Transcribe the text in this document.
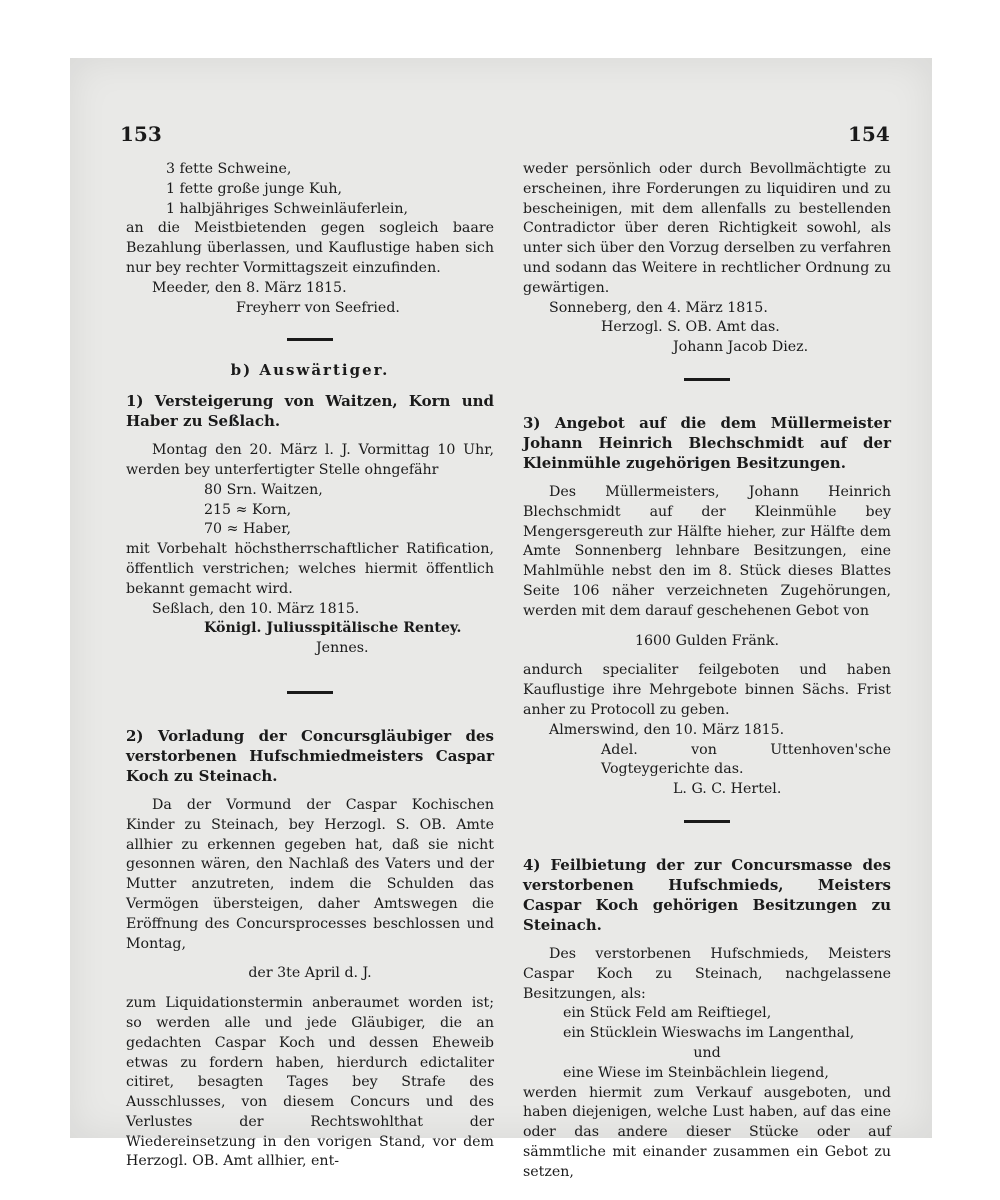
153	154

3 fette Schweine,

1 fette große junge Kuh,

1 halbjähriges Schweinläuferlein,

an die Meistbietenden gegen sogleich baare Bezahlung überlassen, und Kauflustige haben sich nur bey rechter Vormittagszeit einzufinden.

Meeder, den 8. März 1815.

Freyherr von Seefried.

b) Auswärtiger.

1) Versteigerung von Waitzen, Korn und Haber zu Seßlach.

Montag den 20. März l. J. Vormittag 10 Uhr, werden bey unterfertigter Stelle ohngefähr

80 Srn. Waitzen,

215 ≈ Korn,

70 ≈ Haber,

mit Vorbehalt höchstherrschaftlicher Ratification, öffentlich verstrichen; welches hiermit öffentlich bekannt gemacht wird.

Seßlach, den 10. März 1815.

Königl. Juliusspitälische Rentey.

Jennes.

2) Vorladung der Concursgläubiger des verstorbenen Hufschmiedmeisters Caspar Koch zu Steinach.

Da der Vormund der Caspar Kochischen Kinder zu Steinach, bey Herzogl. S. OB. Amte allhier zu erkennen gegeben hat, daß sie nicht gesonnen wären, den Nachlaß des Vaters und der Mutter anzutreten, indem die Schulden das Vermögen übersteigen, daher Amtswegen die Eröffnung des Concursprocesses beschlossen und Montag,

der 3te April d. J.

zum Liquidationstermin anberaumet worden ist; so werden alle und jede Gläubiger, die an gedachten Caspar Koch und dessen Eheweib etwas zu fordern haben, hierdurch edictaliter citiret, besagten Tages bey Strafe des Ausschlusses, von diesem Concurs und des Verlustes der Rechtswohlthat der Wiedereinsetzung in den vorigen Stand, vor dem Herzogl. OB. Amt allhier, ent-

weder persönlich oder durch Bevollmächtigte zu erscheinen, ihre Forderungen zu liquidiren und zu bescheinigen, mit dem allenfalls zu bestellenden Contradictor über deren Richtigkeit sowohl, als unter sich über den Vorzug derselben zu verfahren und sodann das Weitere in rechtlicher Ordnung zu gewärtigen.

Sonneberg, den 4. März 1815.

Herzogl. S. OB. Amt das.

Johann Jacob Diez.

3) Angebot auf die dem Müllermeister Johann Heinrich Blechschmidt auf der Kleinmühle zugehörigen Besitzungen.

Des Müllermeisters, Johann Heinrich Blechschmidt auf der Kleinmühle bey Mengersgereuth zur Hälfte hieher, zur Hälfte dem Amte Sonnenberg lehnbare Besitzungen, eine Mahlmühle nebst den im 8. Stück dieses Blattes Seite 106 näher verzeichneten Zugehörungen, werden mit dem darauf geschehenen Gebot von

1600 Gulden Fränk.

andurch specialiter feilgeboten und haben Kauflustige ihre Mehrgebote binnen Sächs. Frist anher zu Protocoll zu geben.

Almerswind, den 10. März 1815.

Adel. von Uttenhoven'sche Vogteygerichte das.

L. G. C. Hertel.

4) Feilbietung der zur Concursmasse des verstorbenen Hufschmieds, Meisters Caspar Koch gehörigen Besitzungen zu Steinach.

Des verstorbenen Hufschmieds, Meisters Caspar Koch zu Steinach, nachgelassene Besitzungen, als:

ein Stück Feld am Reiftiegel,

ein Stücklein Wieswachs im Langenthal,

und

eine Wiese im Steinbächlein liegend,

werden hiermit zum Verkauf ausgeboten, und haben diejenigen, welche Lust haben, auf das eine oder das andere dieser Stücke oder auf sämmtliche mit einander zusammen ein Gebot zu setzen,
